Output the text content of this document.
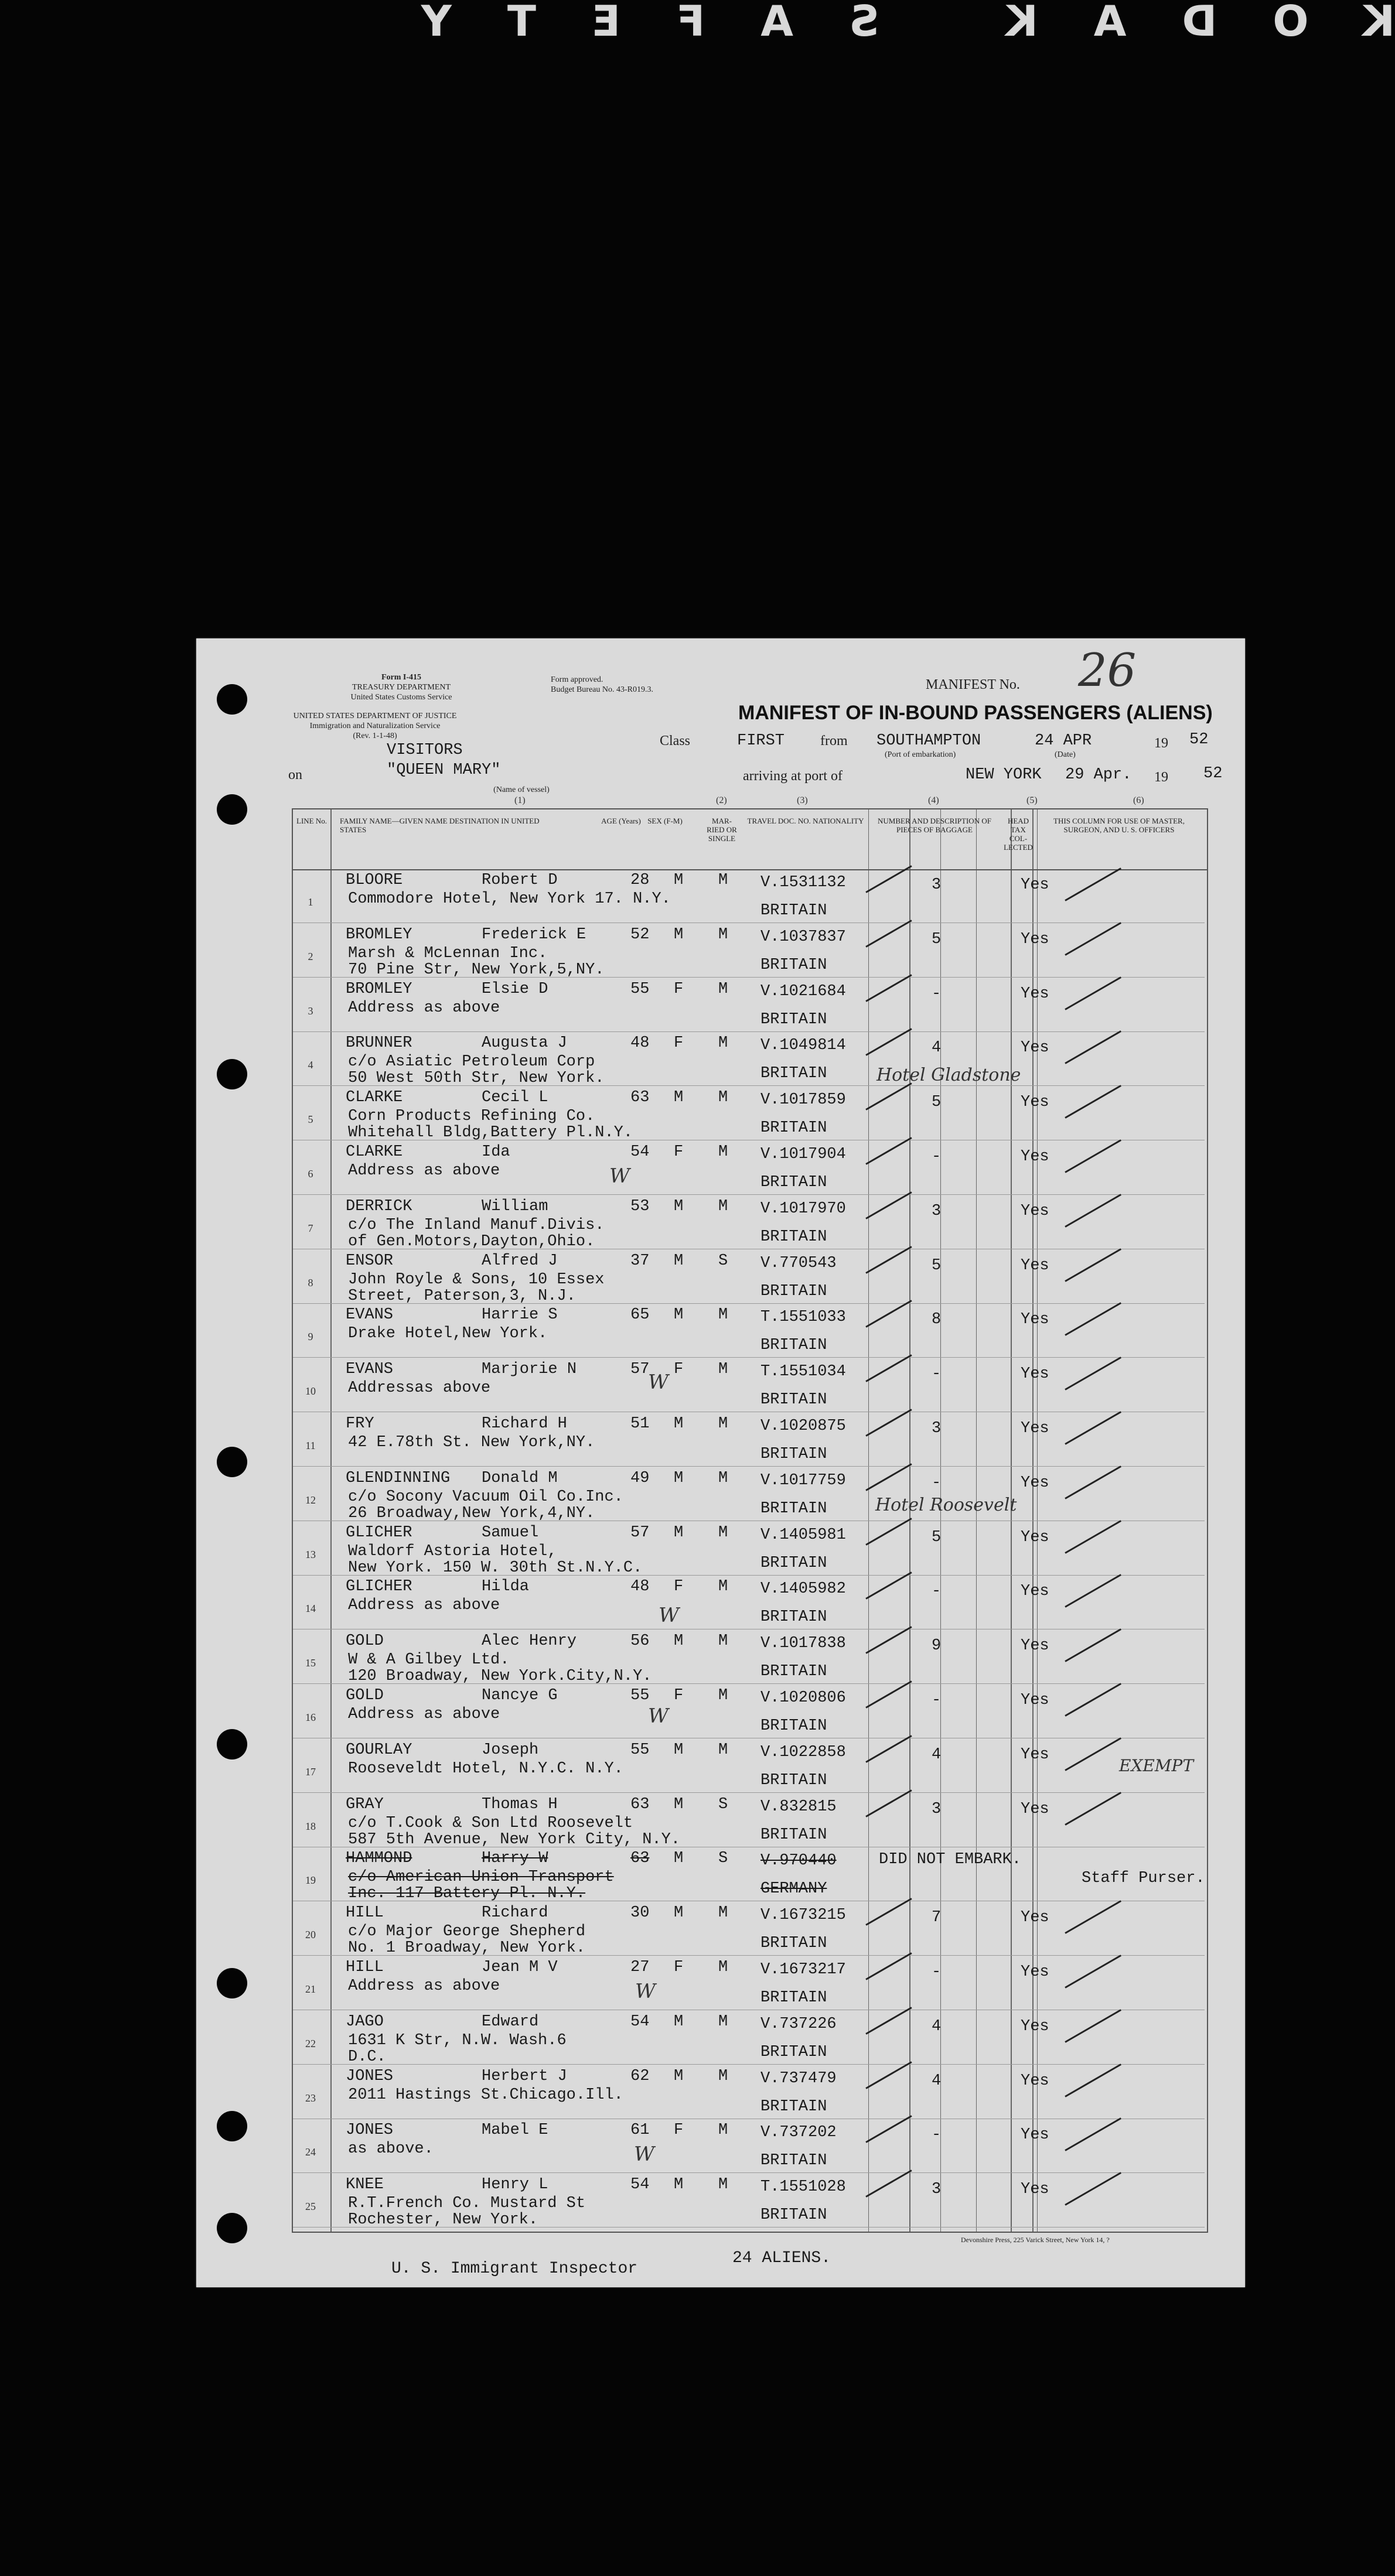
KODAK SAFETY
Form I-415
TREASURY DEPARTMENT
United States Customs Service
UNITED STATES DEPARTMENT OF JUSTICE
Immigration and Naturalization Service
(Rev. 1-1-48)
Form approved.
Budget Bureau No. 43-R019.3.
VISITORS
MANIFEST No. 26
MANIFEST OF IN-BOUND PASSENGERS (ALIENS)
Class	FIRST	from SOUTHAMPTON
(Port of embarkation)
24 APR
(Date)
19 52
on	"QUEEN MARY"
(Name of vessel)
arriving at port of	NEW YORK 29 Apr. 19 52
(1)	(2)	(3)	(4)	(5)	(6)
LINE No.	FAMILY NAME—GIVEN NAME DESTINATION IN UNITED STATES
AGE (Years) SEX (F-M)	MAR-RIED OR SINGLE
TRAVEL DOC. NO. NATIONALITY	NUMBER AND DESCRIPTION OF PIECES OF BAGGAGE
HEAD TAX COL-LECTED
THIS COLUMN FOR USE OF MASTER, SURGEON, AND U. S. OFFICERS
1
BLOORE	Robert D	28 M M
Commodore Hotel, New York 17. N.Y.
V.1531132
BRITAIN
3	Yes
2
BROMLEY	Frederick E	52 M M
Marsh & McLennan Inc.
70 Pine Str, New York,5,NY.
V.1037837
BRITAIN
5	Yes
3
BROMLEY	Elsie D	55 F M
Address as above
V.1021684
BRITAIN
-	Yes
4
BRUNNER	Augusta J	48 F M
c/o Asiatic Petroleum Corp
50 West 50th Str, New York.
V.1049814
BRITAIN
4	Yes
5
CLARKE	Cecil L	63 M M
Corn Products Refining Co.
Whitehall Bldg,Battery Pl.N.Y.
V.1017859
BRITAIN
5	Yes
6
CLARKE	Ida	54 F M
Address as above
V.1017904
BRITAIN
-	Yes
7
DERRICK	William	53 M M
c/o The Inland Manuf.Divis.
of Gen.Motors,Dayton,Ohio.
V.1017970
BRITAIN
3	Yes
8
ENSOR	Alfred J	37 M S
John Royle & Sons, 10 Essex
Street, Paterson,3, N.J.
V.770543
BRITAIN
5	Yes
9
EVANS	Harrie S	65 M M
Drake Hotel,New York.
T.1551033
BRITAIN
8	Yes
10
EVANS	Marjorie N	57 F M
Addressas above
T.1551034
BRITAIN
-	Yes
11
FRY	Richard H	51 M M
42 E.78th St. New York,NY.
V.1020875
BRITAIN
3	Yes
12
GLENDINNING Donald M	49 M M
c/o Socony Vacuum Oil Co.Inc.
26 Broadway,New York,4,NY.
V.1017759
BRITAIN
-	Yes
13
GLICHER	Samuel	57 M M
Waldorf Astoria Hotel,
New York. 150 W. 30th St.N.Y.C.
V.1405981
BRITAIN
5	Yes
14
GLICHER	Hilda	48 F M
Address as above
V.1405982
BRITAIN
-	Yes
15
GOLD	Alec Henry	56 M M
W & A Gilbey Ltd.
120 Broadway, New York.City,N.Y.
V.1017838
BRITAIN
9	Yes
16
GOLD	Nancye G	55 F M
Address as above
V.1020806
BRITAIN
-	Yes
17
GOURLAY	Joseph	55 M M
Rooseveldt Hotel, N.Y.C. N.Y.
V.1022858
BRITAIN
4	Yes
18
GRAY	Thomas H	63 M S
c/o T.Cook & Son Ltd Roosevelt
587 5th Avenue, New York City, N.Y.
V.832815
BRITAIN
3	Yes
19
HAMMOND	Harry W	63 M S
c/o American Union Transport
Inc. 117 Battery Pl. N.Y.
V.970440
GERMANY
DID NOT EMBARK.
Staff Purser.
20
HILL	Richard	30 M M
c/o Major George Shepherd
No. 1 Broadway, New York.
V.1673215
BRITAIN
7	Yes
21
HILL	Jean M V	27 F M
Address as above
V.1673217
BRITAIN
-	Yes
22
JAGO	Edward	54 M M
1631 K Str, N.W. Wash.6
D.C.
V.737226
BRITAIN
4	Yes
23
JONES	Herbert J	62 M M
2011 Hastings St.Chicago.Ill.
V.737479
BRITAIN
4	Yes
24
JONES	Mabel E	61 F M
as above.
V.737202
BRITAIN
-	Yes
25
KNEE	Henry L	54 M M
R.T.French Co. Mustard St
Rochester, New York.
T.1551028
BRITAIN
3	Yes
Hotel Gladstone
Hotel Roosevelt
EXEMPT
W
W
W
W
W
W
U. S. Immigrant Inspector
24 ALIENS.
Devonshire Press, 225 Varick Street, New York 14, ?
